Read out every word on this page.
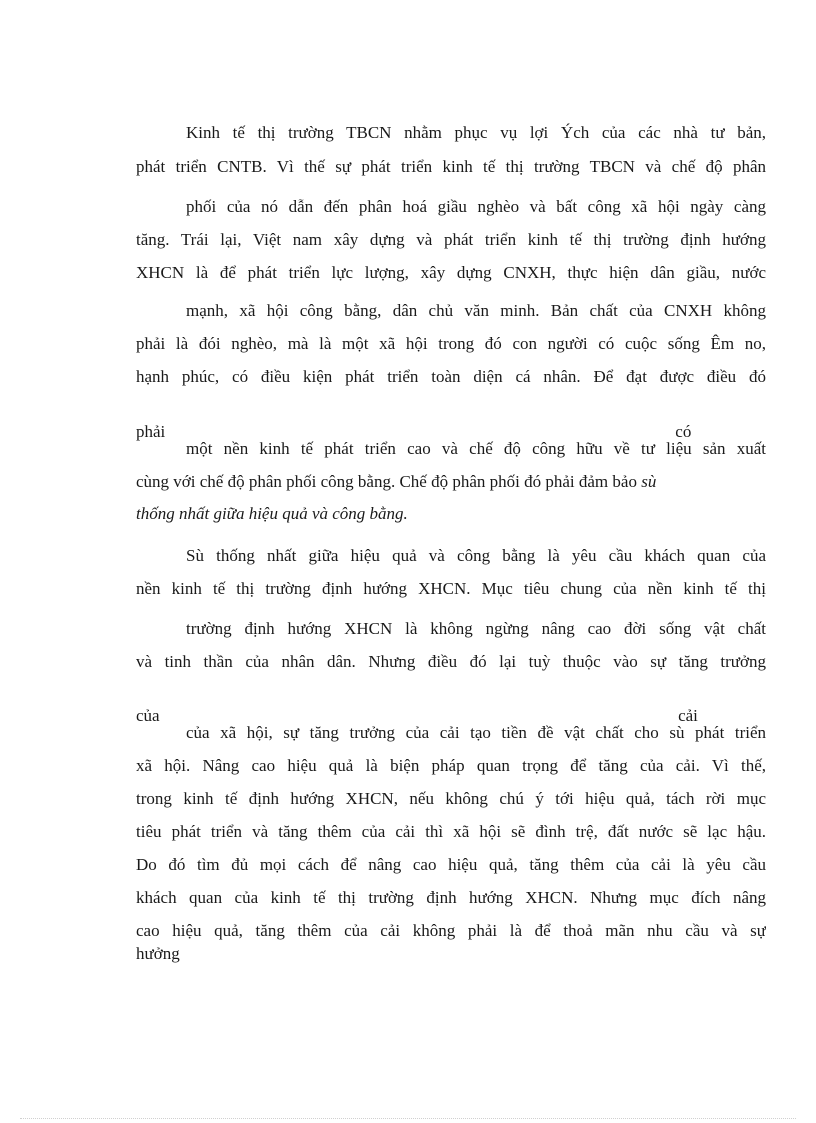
Kinh tế thị trường TBCN nhằm phục vụ lợi Ých của các nhà tư bản,
phát triển CNTB. Vì thế sự phát triển kinh tế thị trường TBCN và chế độ phân
phối của nó dẫn đến phân hoá giầu nghèo và bất công xã hội ngày càng
tăng. Trái lại, Việt nam xây dựng và phát triển kinh tế thị trường định hướng
XHCN là để phát triển lực lượng, xây dựng CNXH, thực hiện dân giầu, nước
mạnh, xã hội công bằng, dân chủ văn minh. Bản chất của CNXH không
phải là đói nghèo, mà là một xã hội trong đó con người có cuộc sống Êm no,
hạnh phúc, có điều kiện phát triển toàn diện cá nhân. Để đạt được điều đó

phải                                                                                                                        có

một nền kinh tế phát triển cao và chế độ công hữu về tư liệu sản xuất
cùng với chế độ phân phối công bằng. Chế độ phân phối đó phải đảm bảo sù
thống nhất giữa hiệu quả và công bằng.
Sù thống nhất giữa hiệu quả và công bằng là yêu cầu khách quan của
nền kinh tế thị trường định hướng XHCN. Mục tiêu chung của nền kinh tế thị
trường định hướng XHCN là không ngừng nâng cao đời sống vật chất
và tinh thần của nhân dân. Nhưng điều đó lại tuỳ thuộc vào sự tăng trưởng

của                                                                                                                          cải

của xã hội, sự tăng trưởng của cải tạo tiền đề vật chất cho sù phát triển
xã hội. Nâng cao hiệu quả là biện pháp quan trọng để tăng của cải. Vì thế,
trong kinh tế định hướng XHCN, nếu không chú ý tới hiệu quả, tách rời mục
tiêu phát triển và tăng thêm của cải thì xã hội sẽ đình trệ, đất nước sẽ lạc hậu.
Do đó tìm đủ mọi cách để nâng cao hiệu quả, tăng thêm của cải là yêu cầu
khách quan của kinh tế thị trường định hướng XHCN. Nhưng mục đích nâng
cao hiệu quả, tăng thêm của cải không phải là để thoả mãn nhu cầu và sự
hưởng
